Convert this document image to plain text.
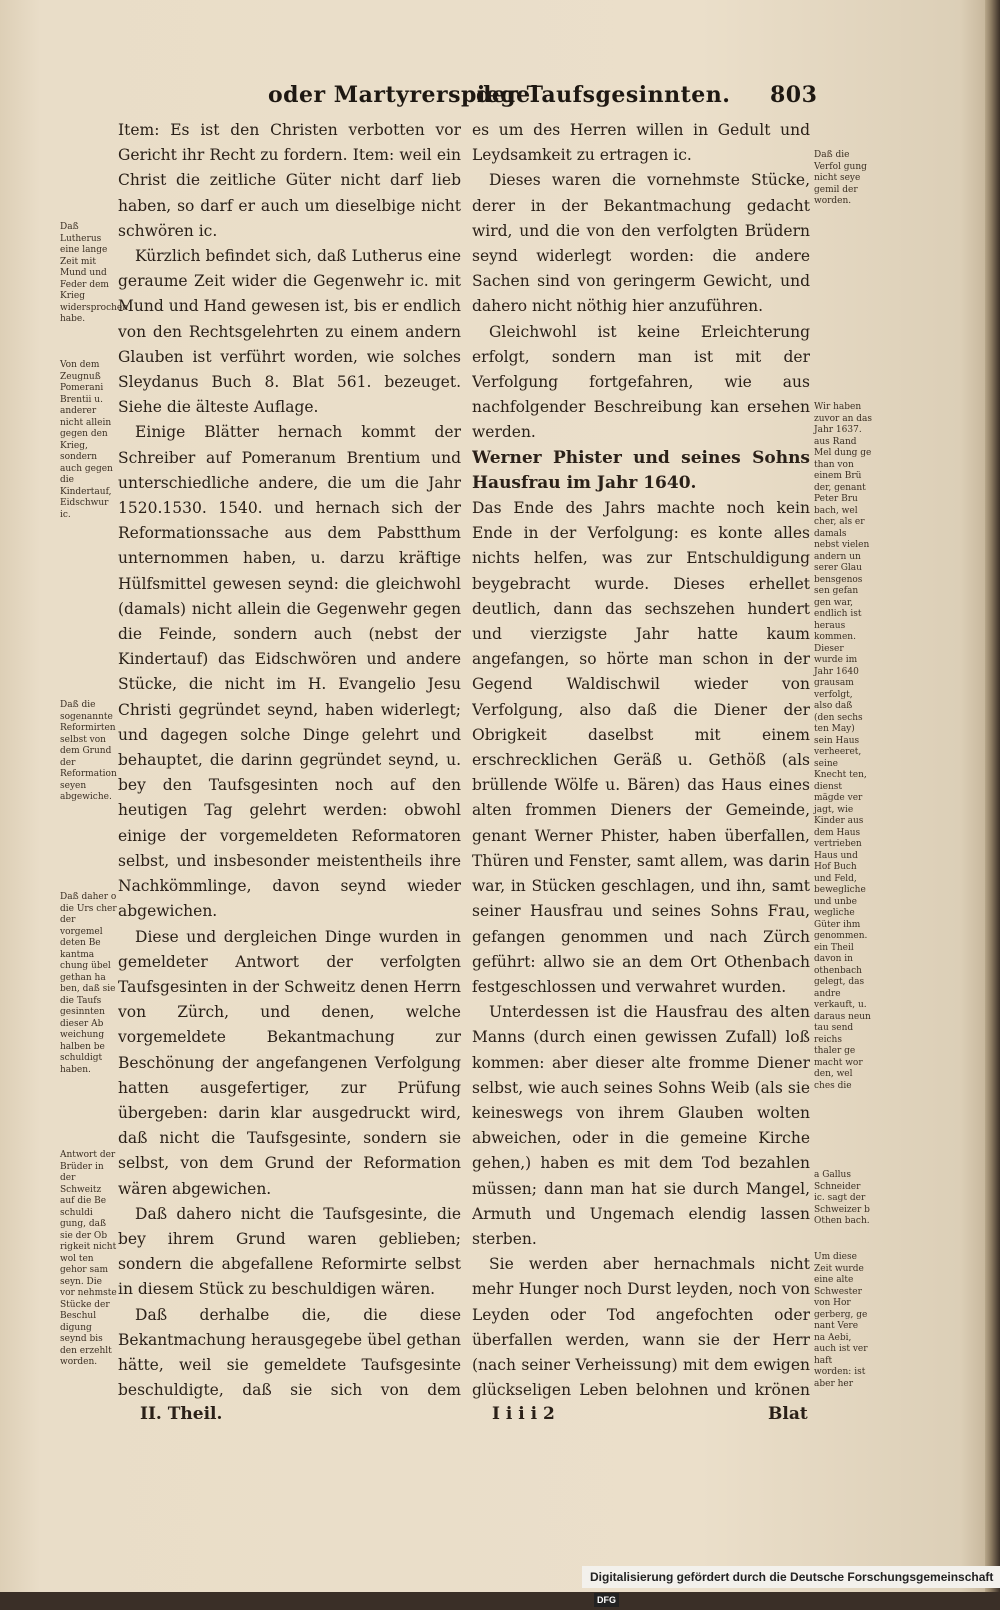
oder Martyrerspiegel
der Taufsgesinnten. 803
Daß Lutherus eine lange Zeit mit Mund und Feder dem Krieg widersprochen habe.
Von dem Zeugnuß Pomerani Brentii u. anderer nicht allein gegen den Krieg, sondern auch gegen die Kindertauf, Eidschwur ic.
Daß die sogenannte Reformirten selbst von dem Grund der Reformation seyen abgewiche.
Daß daher o die Urs cher der vorgemel deten Be kantma chung übel gethan ha ben, daß sie die Taufs gesinnten dieser Ab weichung halben be schuldigt haben.
Antwort der Brüder in der Schweitz auf die Be schuldi gung, daß sie der Ob rigkeit nicht wol ten gehor sam seyn. Die vor nehmste Stücke der Beschul digung seynd bis den erzehlt worden.

Item: Es ist den Christen verbotten vor Gericht ihr Recht zu fordern. Item: weil ein Christ die zeitliche Güter nicht darf lieb haben, so darf er auch um dieselbige nicht schwören ic.

Kürzlich befindet sich, daß Lutherus eine geraume Zeit wider die Gegenwehr ic. mit Mund und Hand gewesen ist, bis er endlich von den Rechtsgelehrten zu einem andern Glauben ist verführt worden, wie solches Sleydanus Buch 8. Blat 561. bezeuget. Siehe die älteste Auflage.

Einige Blätter hernach kommt der Schreiber auf Pomeranum Brentium und unterschiedliche andere, die um die Jahr 1520.1530. 1540. und hernach sich der Reformationssache aus dem Pabstthum unternommen haben, u. darzu kräftige Hülfsmittel gewesen seynd: die gleichwohl (damals) nicht allein die Gegenwehr gegen die Feinde, sondern auch (nebst der Kindertauf) das Eidschwören und andere Stücke, die nicht im H. Evangelio Jesu Christi gegründet seynd, haben widerlegt; und dagegen solche Dinge gelehrt und behauptet, die darinn gegründet seynd, u. bey den Taufsgesinten noch auf den heutigen Tag gelehrt werden: obwohl einige der vorgemeldeten Reformatoren selbst, und insbesonder meistentheils ihre Nachkömmlinge, davon seynd wieder abgewichen.

Diese und dergleichen Dinge wurden in gemeldeter Antwort der verfolgten Taufsgesinten in der Schweitz denen Herrn von Zürch, und denen, welche vorgemeldete Bekantmachung zur Beschönung der angefangenen Verfolgung hatten ausgefertiger, zur Prüfung übergeben: darin klar ausgedruckt wird, daß nicht die Taufsgesinte, sondern sie selbst, von dem Grund der Reformation wären abgewichen.

Daß dahero nicht die Taufsgesinte, die bey ihrem Grund waren geblieben; sondern die abgefallene Reformirte selbst in diesem Stück zu beschuldigen wären.

Daß derhalbe die, die diese Bekantmachung herausgegebe übel gethan hätte, weil sie gemeldete Taufsgesinte beschuldigte, daß sie sich von dem

es um des Herren willen in Gedult und Leydsamkeit zu ertragen ic.

Dieses waren die vornehmste Stücke, derer in der Bekantmachung gedacht wird, und die von den verfolgten Brüdern seynd widerlegt worden: die andere Sachen sind von geringerm Gewicht, und dahero nicht nöthig hier anzuführen.

Gleichwohl ist keine Erleichterung erfolgt, sondern man ist mit der Verfolgung fortgefahren, wie aus nachfolgender Beschreibung kan ersehen werden.

Werner Phister und seines Sohns Hausfrau im Jahr 1640.

Das Ende des Jahrs machte noch kein Ende in der Verfolgung: es konte alles nichts helfen, was zur Entschuldigung beygebracht wurde. Dieses erhellet deutlich, dann das sechszehen hundert und vierzigste Jahr hatte kaum angefangen, so hörte man schon in der Gegend Waldischwil wieder von Verfolgung, also daß die Diener der Obrigkeit daselbst mit einem erschrecklichen Geräß u. Gethöß (als brüllende Wölfe u. Bären) das Haus eines alten frommen Dieners der Gemeinde, genant Werner Phister, haben überfallen, Thüren und Fenster, samt allem, was darin war, in Stücken geschlagen, und ihn, samt seiner Hausfrau und seines Sohns Frau, gefangen genommen und nach Zürch geführt: allwo sie an dem Ort Othenbach festgeschlossen und verwahret wurden.

Unterdessen ist die Hausfrau des alten Manns (durch einen gewissen Zufall) loß kommen: aber dieser alte fromme Diener selbst, wie auch seines Sohns Weib (als sie keineswegs von ihrem Glauben wolten abweichen, oder in die gemeine Kirche gehen,) haben es mit dem Tod bezahlen müssen; dann man hat sie durch Mangel, Armuth und Ungemach elendig lassen sterben.

Sie werden aber hernachmals nicht mehr Hunger noch Durst leyden, noch von Leyden oder Tod angefochten oder überfallen werden, wann sie der Herr (nach seiner Verheissung) mit dem ewigen glückseligen Leben belohnen und krönen

Daß die Verfol gung nicht seye gemil der worden.
Wir haben zuvor an das Jahr 1637. aus Rand Mel dung ge than von einem Brü der, genant Peter Bru bach, wel cher, als er damals nebst vielen andern un serer Glau bensgenos sen gefan gen war, endlich ist heraus kommen. Dieser wurde im Jahr 1640 grausam verfolgt, also daß (den sechs ten May) sein Haus verheeret, seine Knecht ten, dienst mägde ver jagt, wie Kinder aus dem Haus vertrieben Haus und Hof Buch und Feld, bewegliche und unbe wegliche Güter ihm genommen. ein Theil davon in othenbach gelegt, das andre verkauft, u. daraus neun tau send reichs thaler ge macht wor den, wel ches die
a Gallus Schneider ic. sagt der Schweizer b Othen bach.
Um diese Zeit wurde eine alte Schwester von Hor gerberg, ge nant Vere na Aebi, auch ist ver haft worden: ist aber her
II. Theil.	I i i i 2	Blat
Digitalisierung gefördert durch die Deutsche Forschungsgemeinschaft DFG
